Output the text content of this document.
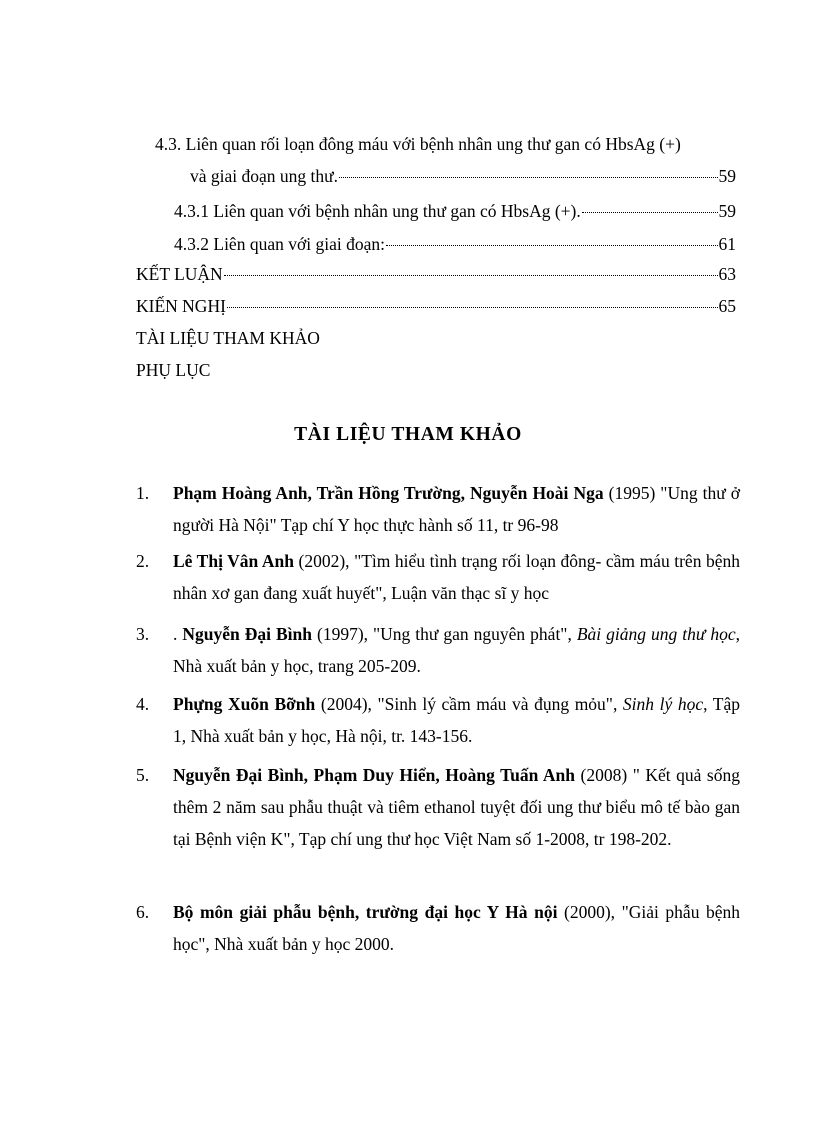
4.3. Liên quan rối loạn đông máu với bệnh nhân ung thư gan có HbsAg (+)
và giai đoạn ung thư.	59
4.3.1 Liên quan với bệnh nhân ung thư gan có HbsAg (+).	59
4.3.2 Liên quan với giai đoạn:	61
KẾT LUẬN	63
KIẾN NGHỊ	65
TÀI LIỆU THAM KHẢO
PHỤ LỤC
TÀI LIỆU THAM KHẢO
1. Phạm Hoàng Anh, Trần Hồng Trường, Nguyễn Hoài Nga (1995) "Ung thư ở người Hà Nội" Tạp chí Y học thực hành số 11, tr 96-98
2. Lê Thị Vân Anh (2002), "Tìm hiểu tình trạng rối loạn đông- cầm máu trên bệnh nhân xơ gan đang xuất huyết", Luận văn thạc sĩ y học
3. . Nguyễn Đại Bình (1997), "Ung thư gan nguyên phát", Bài giảng ung thư học, Nhà xuất bản y học, trang 205-209.
4. Phựng Xuõn Bỡnh (2004), "Sinh lý cầm máu và đụng mỏu", Sinh lý học, Tập 1, Nhà xuất bản y học, Hà nội, tr. 143-156.
5. Nguyễn Đại Bình, Phạm Duy Hiển, Hoàng Tuấn Anh (2008) " Kết quả sống thêm 2 năm sau phẫu thuật và tiêm ethanol tuyệt đối ung thư biểu mô tế bào gan tại Bệnh viện K", Tạp chí ung thư học Việt Nam số 1-2008, tr 198-202.
6. Bộ môn giải phẫu bệnh, trường đại học Y Hà nội (2000), "Giải phẫu bệnh học", Nhà xuất bản y học 2000.
